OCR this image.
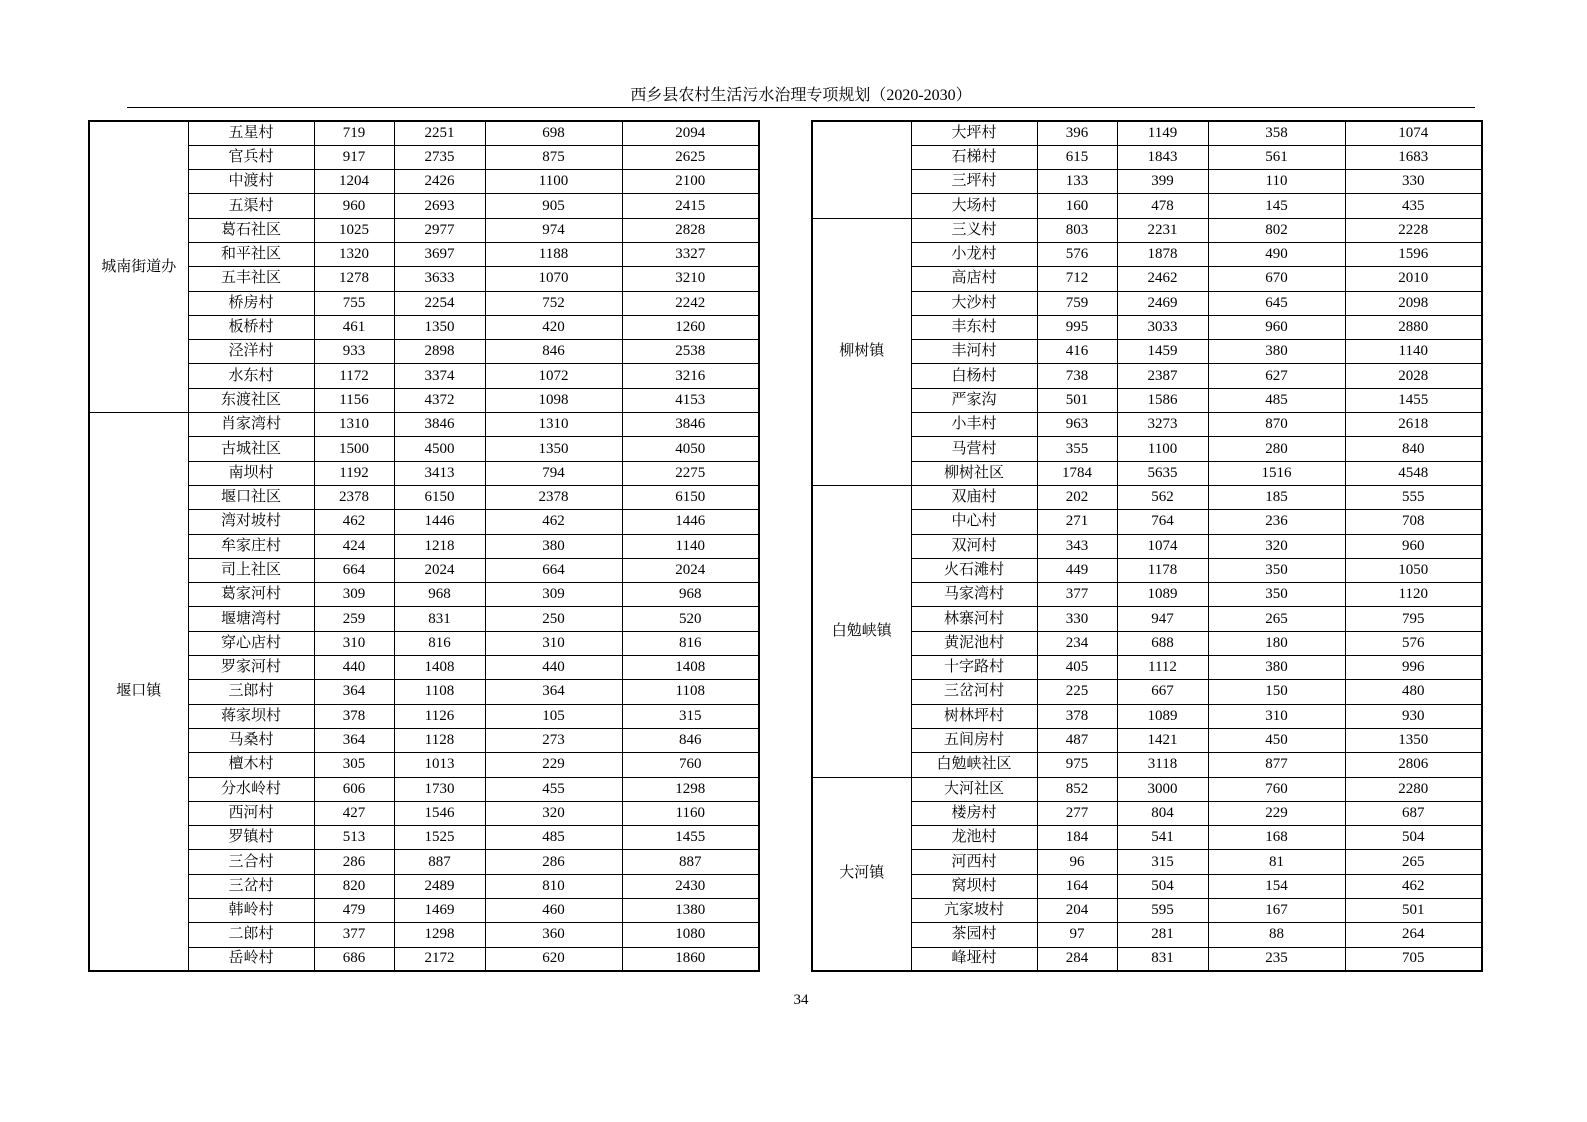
西乡县农村生活污水治理专项规划（2020-2030）
城南街道办	五星村	719	2251	698	2094
	官兵村	917	2735	875	2625
	中渡村	1204	2426	1100	2100
	五渠村	960	2693	905	2415
	葛石社区	1025	2977	974	2828
	和平社区	1320	3697	1188	3327
	五丰社区	1278	3633	1070	3210
	桥房村	755	2254	752	2242
	板桥村	461	1350	420	1260
	泾洋村	933	2898	846	2538
	水东村	1172	3374	1072	3216
	东渡社区	1156	4372	1098	4153
堰口镇	肖家湾村	1310	3846	1310	3846
	古城社区	1500	4500	1350	4050
	南坝村	1192	3413	794	2275
	堰口社区	2378	6150	2378	6150
	湾对坡村	462	1446	462	1446
	牟家庄村	424	1218	380	1140
	司上社区	664	2024	664	2024
	葛家河村	309	968	309	968
	堰塘湾村	259	831	250	520
	穿心店村	310	816	310	816
	罗家河村	440	1408	440	1408
	三郎村	364	1108	364	1108
	蒋家坝村	378	1126	105	315
	马桑村	364	1128	273	846
	檀木村	305	1013	229	760
	分水岭村	606	1730	455	1298
	西河村	427	1546	320	1160
	罗镇村	513	1525	485	1455
	三合村	286	887	286	887
	三岔村	820	2489	810	2430
	韩岭村	479	1469	460	1380
	二郎村	377	1298	360	1080
	岳岭村	686	2172	620	1860
	大坪村	396	1149	358	1074
	石梯村	615	1843	561	1683
	三坪村	133	399	110	330
	大场村	160	478	145	435
柳树镇	三义村	803	2231	802	2228
	小龙村	576	1878	490	1596
	高店村	712	2462	670	2010
	大沙村	759	2469	645	2098
	丰东村	995	3033	960	2880
	丰河村	416	1459	380	1140
	白杨村	738	2387	627	2028
	严家沟	501	1586	485	1455
	小丰村	963	3273	870	2618
	马营村	355	1100	280	840
	柳树社区	1784	5635	1516	4548
白勉峡镇	双庙村	202	562	185	555
	中心村	271	764	236	708
	双河村	343	1074	320	960
	火石滩村	449	1178	350	1050
	马家湾村	377	1089	350	1120
	林寨河村	330	947	265	795
	黄泥池村	234	688	180	576
	十字路村	405	1112	380	996
	三岔河村	225	667	150	480
	树林坪村	378	1089	310	930
	五间房村	487	1421	450	1350
	白勉峡社区	975	3118	877	2806
大河镇	大河社区	852	3000	760	2280
	楼房村	277	804	229	687
	龙池村	184	541	168	504
	河西村	96	315	81	265
	窝坝村	164	504	154	462
	亢家坡村	204	595	167	501
	茶园村	97	281	88	264
	峰垭村	284	831	235	705
34
